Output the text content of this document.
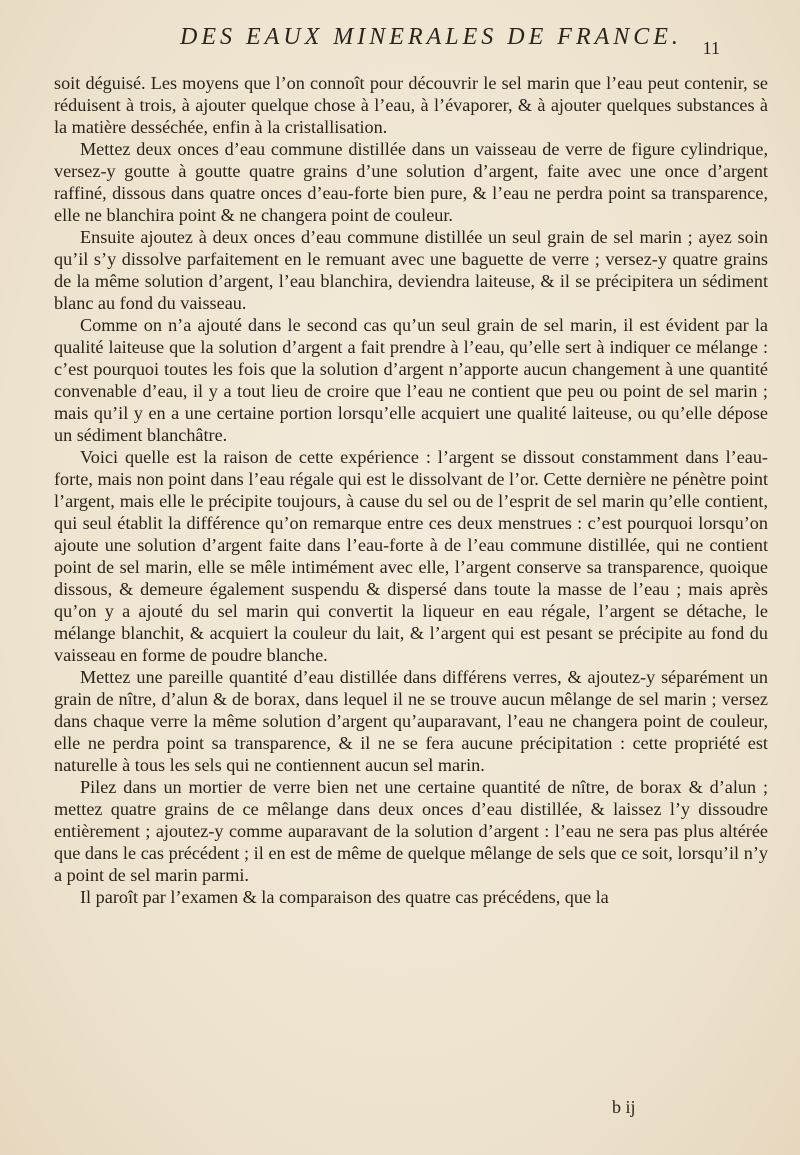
DES EAUX MINERALES DE FRANCE. 11

soit déguisé. Les moyens que l’on connoît pour découvrir le sel marin que l’eau peut contenir, se réduisent à trois, à ajouter quelque chose à l’eau, à l’évaporer, & à ajouter quelques substances à la matière desséchée, enfin à la cristallisation.

Mettez deux onces d’eau commune distillée dans un vaisseau de verre de figure cylindrique, versez-y goutte à goutte quatre grains d’une solution d’argent, faite avec une once d’argent raffiné, dissous dans quatre onces d’eau-forte bien pure, & l’eau ne perdra point sa transparence, elle ne blanchira point & ne changera point de couleur.

Ensuite ajoutez à deux onces d’eau commune distillée un seul grain de sel marin ; ayez soin qu’il s’y dissolve parfaitement en le remuant avec une baguette de verre ; versez-y quatre grains de la même solution d’argent, l’eau blanchira, deviendra laiteuse, & il se précipitera un sédiment blanc au fond du vaisseau.

Comme on n’a ajouté dans le second cas qu’un seul grain de sel marin, il est évident par la qualité laiteuse que la solution d’argent a fait prendre à l’eau, qu’elle sert à indiquer ce mélange : c’est pourquoi toutes les fois que la solution d’argent n’apporte aucun changement à une quantité convenable d’eau, il y a tout lieu de croire que l’eau ne contient que peu ou point de sel marin ; mais qu’il y en a une certaine portion lorsqu’elle acquiert une qualité laiteuse, ou qu’elle dépose un sédiment blanchâtre.

Voici quelle est la raison de cette expérience : l’argent se dissout constamment dans l’eau-forte, mais non point dans l’eau régale qui est le dissolvant de l’or. Cette dernière ne pénètre point l’argent, mais elle le précipite toujours, à cause du sel ou de l’esprit de sel marin qu’elle contient, qui seul établit la différence qu’on remarque entre ces deux menstrues : c’est pourquoi lorsqu’on ajoute une solution d’argent faite dans l’eau-forte à de l’eau commune distillée, qui ne contient point de sel marin, elle se mêle intimément avec elle, l’argent conserve sa transparence, quoique dissous, & demeure également suspendu & dispersé dans toute la masse de l’eau ; mais après qu’on y a ajouté du sel marin qui convertit la liqueur en eau régale, l’argent se détache, le mélange blanchit, & acquiert la couleur du lait, & l’argent qui est pesant se précipite au fond du vaisseau en forme de poudre blanche.

Mettez une pareille quantité d’eau distillée dans différens verres, & ajoutez-y séparément un grain de nître, d’alun & de borax, dans lequel il ne se trouve aucun mêlange de sel marin ; versez dans chaque verre la même solution d’argent qu’auparavant, l’eau ne changera point de couleur, elle ne perdra point sa transparence, & il ne se fera aucune précipitation : cette propriété est naturelle à tous les sels qui ne contiennent aucun sel marin.

Pilez dans un mortier de verre bien net une certaine quantité de nître, de borax & d’alun ; mettez quatre grains de ce mêlange dans deux onces d’eau distillée, & laissez l’y dissoudre entièrement ; ajoutez-y comme auparavant de la solution d’argent : l’eau ne sera pas plus altérée que dans le cas précédent ; il en est de même de quelque mêlange de sels que ce soit, lorsqu’il n’y a point de sel marin parmi.

Il paroît par l’examen & la comparaison des quatre cas précédens, que la

b ij
